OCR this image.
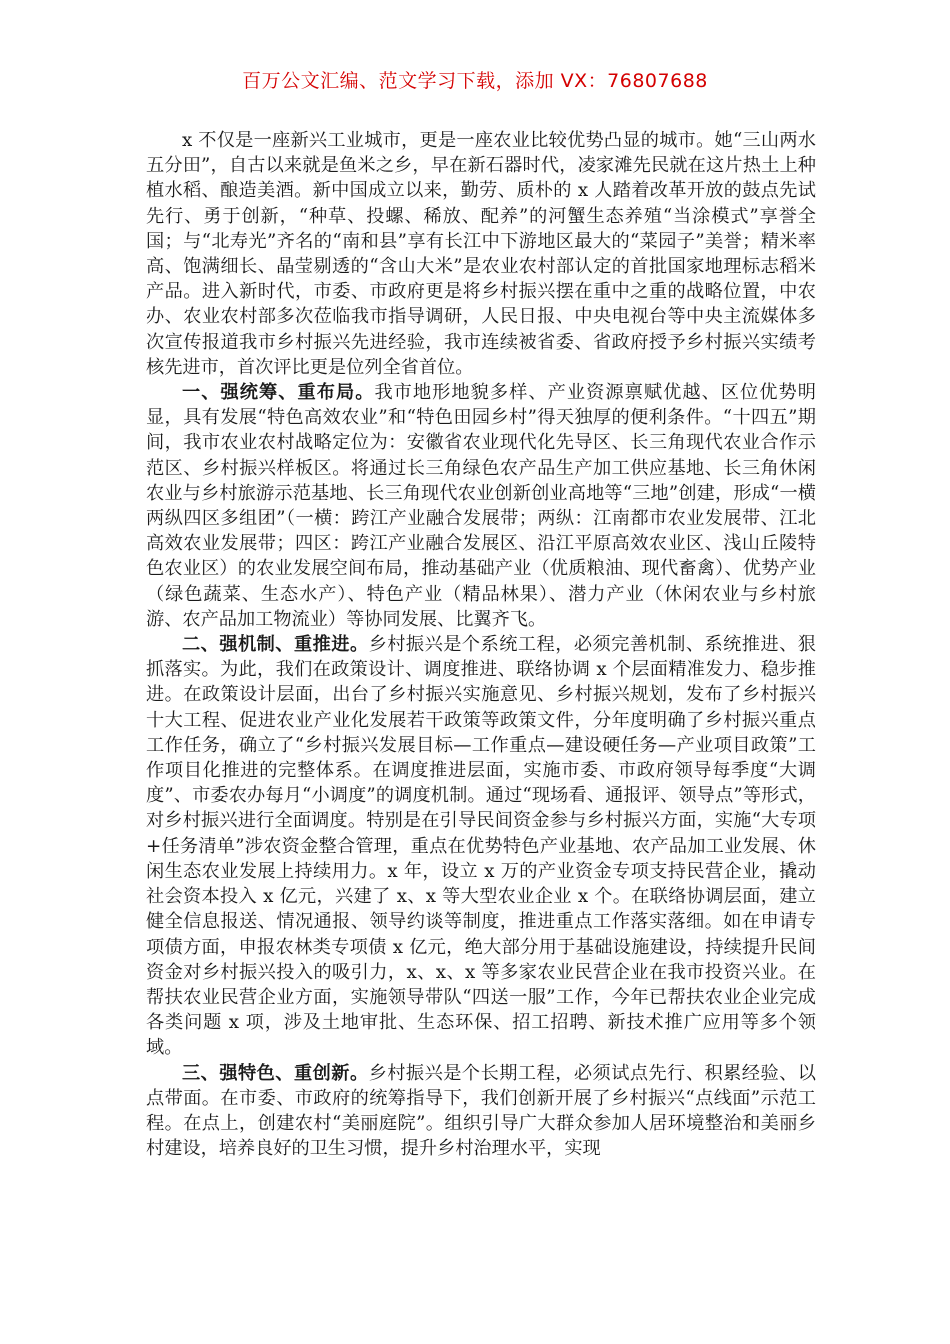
百万公文汇编、范文学习下载，添加 VX：76807688

x 不仅是一座新兴工业城市，更是一座农业比较优势凸显的城市。她“三山两水五分田”，自古以来就是鱼米之乡，早在新石器时代，凌家滩先民就在这片热土上种植水稻、酿造美酒。新中国成立以来，勤劳、质朴的 x 人踏着改革开放的鼓点先试先行、勇于创新，“种草、投螺、稀放、配养”的河蟹生态养殖“当涂模式”享誉全国；与“北寿光”齐名的“南和县”享有长江中下游地区最大的“菜园子”美誉；精米率高、饱满细长、晶莹剔透的“含山大米”是农业农村部认定的首批国家地理标志稻米产品。进入新时代，市委、市政府更是将乡村振兴摆在重中之重的战略位置，中农办、农业农村部多次莅临我市指导调研，人民日报、中央电视台等中央主流媒体多次宣传报道我市乡村振兴先进经验，我市连续被省委、省政府授予乡村振兴实绩考核先进市，首次评比更是位列全省首位。

一、强统筹、重布局。我市地形地貌多样、产业资源禀赋优越、区位优势明显，具有发展“特色高效农业”和“特色田园乡村”得天独厚的便利条件。“十四五”期间，我市农业农村战略定位为：安徽省农业现代化先导区、长三角现代农业合作示范区、乡村振兴样板区。将通过长三角绿色农产品生产加工供应基地、长三角休闲农业与乡村旅游示范基地、长三角现代农业创新创业高地等“三地”创建，形成“一横两纵四区多组团”（一横：跨江产业融合发展带；两纵：江南都市农业发展带、江北高效农业发展带；四区：跨江产业融合发展区、沿江平原高效农业区、浅山丘陵特色农业区）的农业发展空间布局，推动基础产业（优质粮油、现代畜禽）、优势产业（绿色蔬菜、生态水产）、特色产业（精品林果）、潜力产业（休闲农业与乡村旅游、农产品加工物流业）等协同发展、比翼齐飞。

二、强机制、重推进。乡村振兴是个系统工程，必须完善机制、系统推进、狠抓落实。为此，我们在政策设计、调度推进、联络协调 x 个层面精准发力、稳步推进。在政策设计层面，出台了乡村振兴实施意见、乡村振兴规划，发布了乡村振兴十大工程、促进农业产业化发展若干政策等政策文件，分年度明确了乡村振兴重点工作任务，确立了“乡村振兴发展目标—工作重点—建设硬任务—产业项目政策”工作项目化推进的完整体系。在调度推进层面，实施市委、市政府领导每季度“大调度”、市委农办每月“小调度”的调度机制。通过“现场看、通报评、领导点”等形式，对乡村振兴进行全面调度。特别是在引导民间资金参与乡村振兴方面，实施“大专项+任务清单”涉农资金整合管理，重点在优势特色产业基地、农产品加工业发展、休闲生态农业发展上持续用力。x 年，设立 x 万的产业资金专项支持民营企业，撬动社会资本投入 x 亿元，兴建了 x、x 等大型农业企业 x 个。在联络协调层面，建立健全信息报送、情况通报、领导约谈等制度，推进重点工作落实落细。如在申请专项债方面，申报农林类专项债 x 亿元，绝大部分用于基础设施建设，持续提升民间资金对乡村振兴投入的吸引力，x、x、x 等多家农业民营企业在我市投资兴业。在帮扶农业民营企业方面，实施领导带队“四送一服”工作，今年已帮扶农业企业完成各类问题 x 项，涉及土地审批、生态环保、招工招聘、新技术推广应用等多个领域。

三、强特色、重创新。乡村振兴是个长期工程，必须试点先行、积累经验、以点带面。在市委、市政府的统筹指导下，我们创新开展了乡村振兴“点线面”示范工程。在点上，创建农村“美丽庭院”。组织引导广大群众参加人居环境整治和美丽乡村建设，培养良好的卫生习惯，提升乡村治理水平，实现
